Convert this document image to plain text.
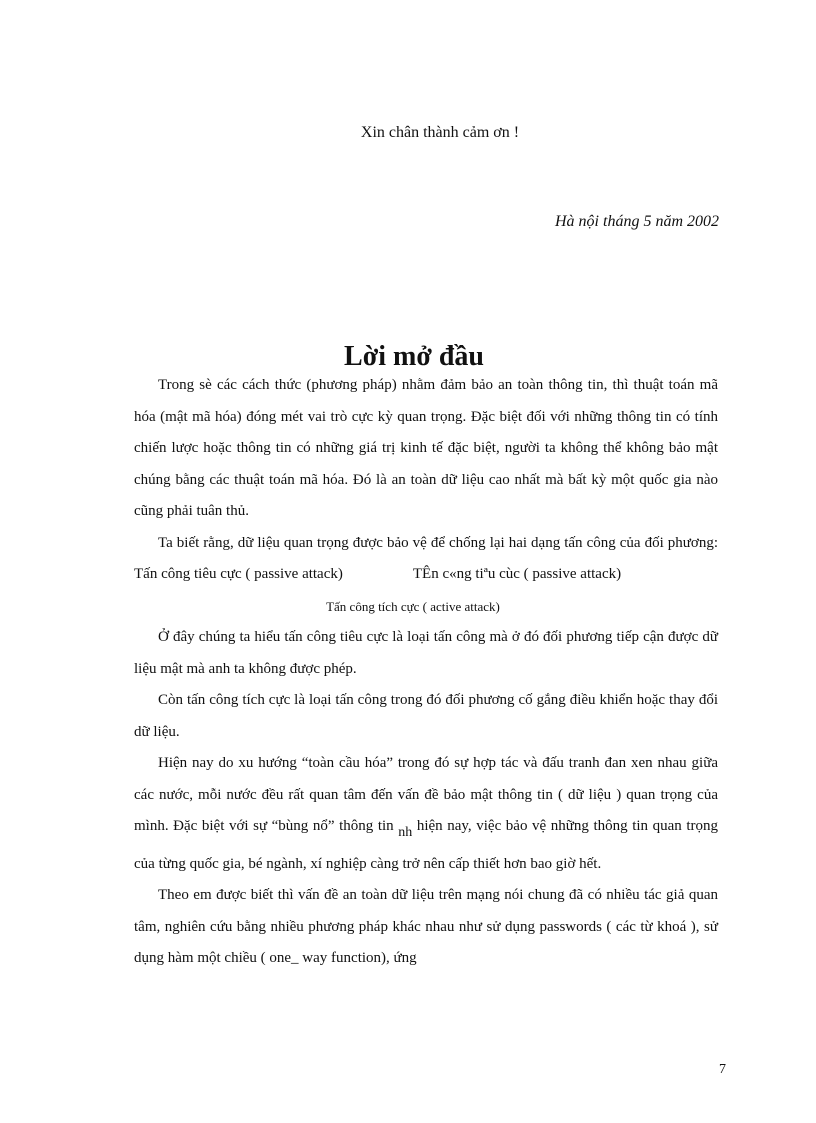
Xin chân thành cảm ơn !
Hà nội tháng 5 năm 2002
Lời mở đầu

Trong sè các cách thức (phương pháp) nhằm đảm bảo an toàn thông tin, thì thuật toán mã hóa (mật mã hóa) đóng mét vai trò cực kỳ quan trọng. Đặc biệt đối với những thông tin có tính chiến lược hoặc thông tin có những giá trị kinh tế đặc biệt, người ta không thể không bảo mật chúng bằng các thuật toán mã hóa. Đó là an toàn dữ liệu cao nhất mà bất kỳ một quốc gia nào cũng phải tuân thủ.

Ta biết rằng, dữ liệu quan trọng được bảo vệ để chống lại hai dạng tấn công của đối phương: Tấn công tiêu cực ( passive attack)	TÊn c«ng tiªu cùc ( passive attack)

Tấn công tích cực ( active attack)

Ở đây chúng ta hiểu tấn công tiêu cực là loại tấn công mà ở đó đối phương tiếp cận được dữ liệu mật mà anh ta không được phép.

Còn tấn công tích cực là loại tấn công trong đó đối phương cố gắng điều khiển hoặc thay đổi dữ liệu.

Hiện nay do xu hướng “toàn cầu hóa” trong đó sự hợp tác và đấu tranh đan xen nhau giữa các nước, mỗi nước đều rất quan tâm đến vấn đề bảo mật thông tin ( dữ liệu ) quan trọng của mình. Đặc biệt với sự “bùng nổ” thông tin nh hiện nay, việc bảo vệ những thông tin quan trọng của từng quốc gia, bé ngành, xí nghiệp càng trở nên cấp thiết hơn bao giờ hết.

Theo em được biết thì vấn đề an toàn dữ liệu trên mạng nói chung đã có nhiều tác giả quan tâm, nghiên cứu bằng nhiều phương pháp khác nhau như sử dụng passwords ( các từ khoá ), sử dụng hàm một chiều ( one_ way function), ứng

7
